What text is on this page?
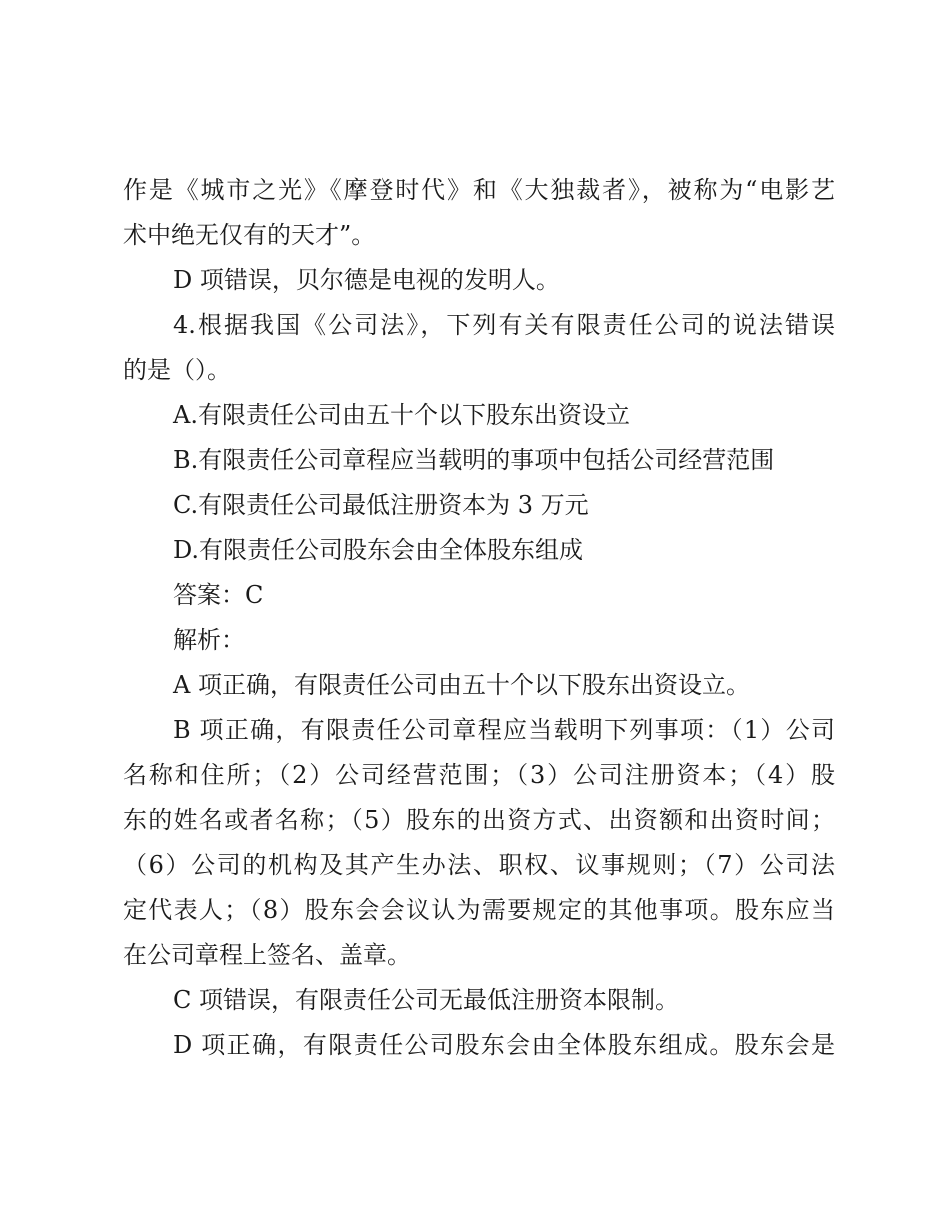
作是《城市之光》《摩登时代》和《大独裁者》，被称为“电影艺
术中绝无仅有的天才”。
D 项错误，贝尔德是电视的发明人。
4.根据我国《公司法》，下列有关有限责任公司的说法错误
的是（）。
A.有限责任公司由五十个以下股东出资设立
B.有限责任公司章程应当载明的事项中包括公司经营范围
C.有限责任公司最低注册资本为 3 万元
D.有限责任公司股东会由全体股东组成
答案：C
解析：
A 项正确，有限责任公司由五十个以下股东出资设立。
B 项正确，有限责任公司章程应当载明下列事项：（1）公司
名称和住所；（2）公司经营范围；（3）公司注册资本；（4）股
东的姓名或者名称；（5）股东的出资方式、出资额和出资时间；
（6）公司的机构及其产生办法、职权、议事规则；（7）公司法
定代表人；（8）股东会会议认为需要规定的其他事项。股东应当
在公司章程上签名、盖章。
C 项错误，有限责任公司无最低注册资本限制。
D 项正确，有限责任公司股东会由全体股东组成。股东会是
